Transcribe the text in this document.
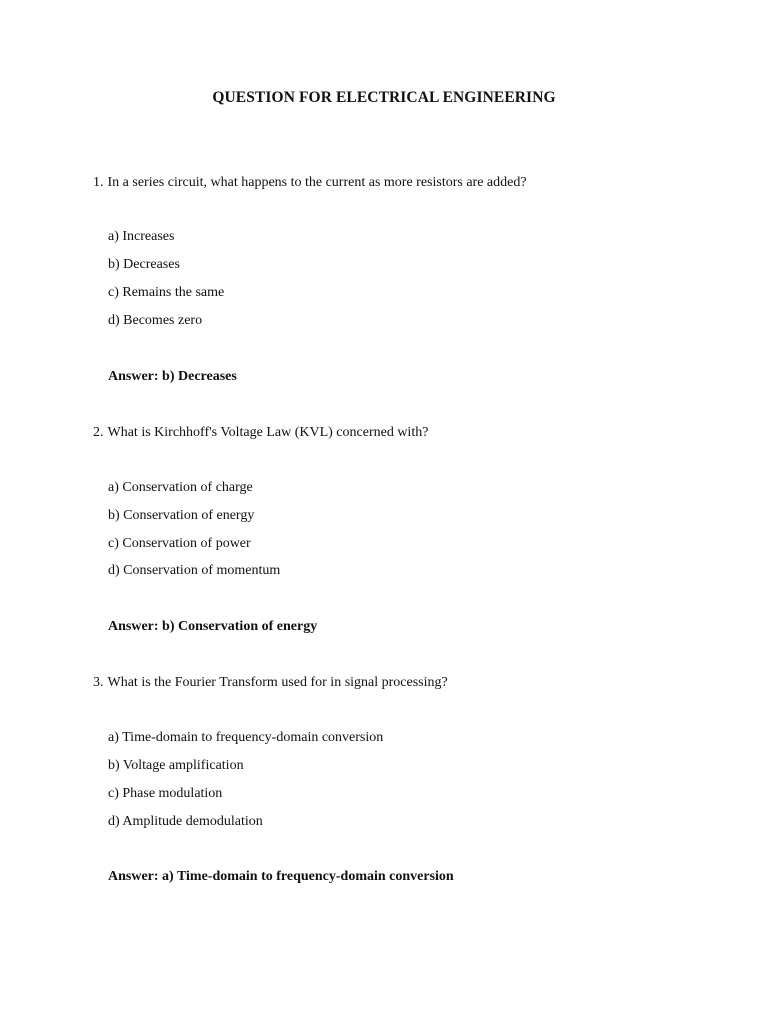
QUESTION FOR ELECTRICAL ENGINEERING
1. In a series circuit, what happens to the current as more resistors are added?
a) Increases
b) Decreases
c) Remains the same
d) Becomes zero
Answer: b) Decreases
2. What is Kirchhoff's Voltage Law (KVL) concerned with?
a) Conservation of charge
b) Conservation of energy
c) Conservation of power
d) Conservation of momentum
Answer: b) Conservation of energy
3. What is the Fourier Transform used for in signal processing?
a) Time-domain to frequency-domain conversion
b) Voltage amplification
c) Phase modulation
d) Amplitude demodulation
Answer: a) Time-domain to frequency-domain conversion
